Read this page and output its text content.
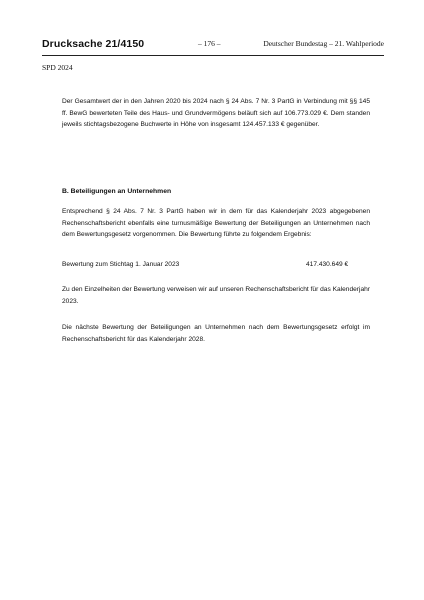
Drucksache 21/4150	– 176 –	Deutscher Bundestag – 21. Wahlperiode
SPD 2024

Der Gesamtwert der in den Jahren 2020 bis 2024 nach § 24 Abs. 7 Nr. 3 PartG in Verbindung mit §§ 145 ff. BewG bewerteten Teile des Haus- und Grundvermögens beläuft sich auf 106.773.029 €. Dem standen jeweils stichtagsbezogene Buchwerte in Höhe von insgesamt 124.457.133 € gegenüber.

B. Beteiligungen an Unternehmen

Entsprechend § 24 Abs. 7 Nr. 3 PartG haben wir in dem für das Kalenderjahr 2023 abgegebenen Rechenschaftsbericht ebenfalls eine turnusmäßige Bewertung der Beteiligungen an Unternehmen nach dem Bewertungsgesetz vorgenommen. Die Bewertung führte zu folgendem Ergebnis:

Bewertung zum Stichtag 1. Januar 2023	417.430.649 €

Zu den Einzelheiten der Bewertung verweisen wir auf unseren Rechenschaftsbericht für das Kalenderjahr 2023.

Die nächste Bewertung der Beteiligungen an Unternehmen nach dem Bewertungsgesetz erfolgt im Rechenschaftsbericht für das Kalenderjahr 2028.
